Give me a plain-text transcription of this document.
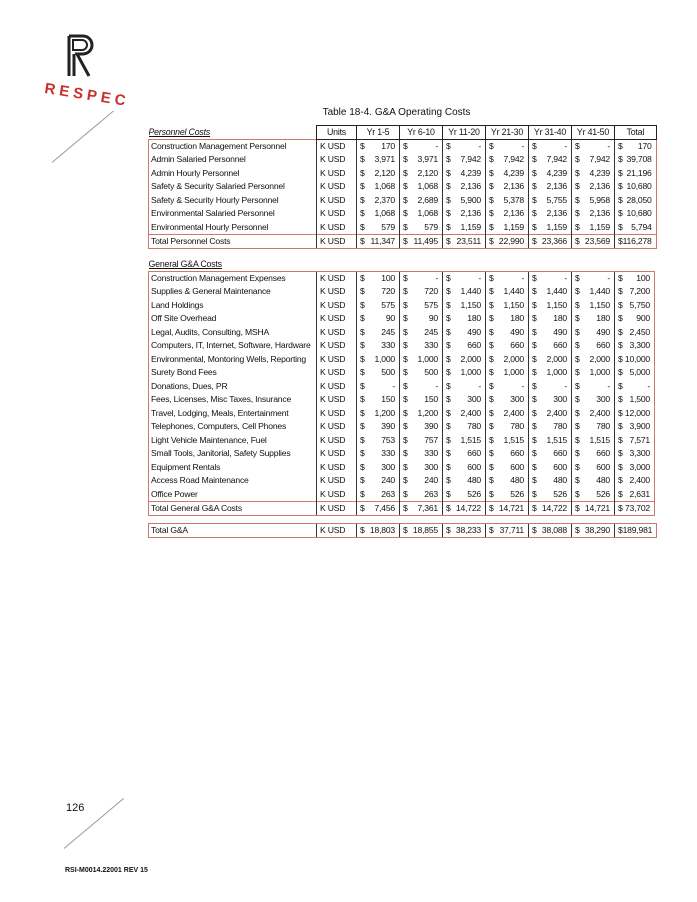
RESPEC
Table 18-4. G&A Operating Costs
Personnel Costs	Units	Yr 1-5	Yr 6-10	Yr 11-20	Yr 21-30	Yr 31-40	Yr 41-50	Total
Construction Management Personnel	K USD	$ 170	$ -	$ -	$ -	$ -	$ -	$ 170

Admin Salaried Personnel	K USD	$ 3,971	$ 3,971	$ 7,942	$ 7,942	$ 7,942	$ 7,942	$ 39,708

Admin Hourly Personnel	K USD	$ 2,120	$ 2,120	$ 4,239	$ 4,239	$ 4,239	$ 4,239	$ 21,196

Safety & Security Salaried Personnel	K USD	$ 1,068	$ 1,068	$ 2,136	$ 2,136	$ 2,136	$ 2,136	$ 10,680

Safety & Security Hourly Personnel	K USD	$ 2,370	$ 2,689	$ 5,900	$ 5,378	$ 5,755	$ 5,958	$ 28,050

Environmental Salaried Personnel	K USD	$ 1,068	$ 1,068	$ 2,136	$ 2,136	$ 2,136	$ 2,136	$ 10,680

Environmental Hourly Personnel	K USD	$ 579	$ 579	$ 1,159	$ 1,159	$ 1,159	$ 1,159	$ 5,794

Total Personnel Costs	K USD	$ 11,347	$ 11,495	$ 23,511	$ 22,990	$ 23,366	$ 23,569	$ 116,278
General G&A Costs								
Construction Management Expenses	K USD	$ 100	$ -	$ -	$ -	$ -	$ -	$ 100

Supplies & General Maintenance	K USD	$ 720	$ 720	$ 1,440	$ 1,440	$ 1,440	$ 1,440	$ 7,200

Land Holdings	K USD	$ 575	$ 575	$ 1,150	$ 1,150	$ 1,150	$ 1,150	$ 5,750

Off Site Overhead	K USD	$ 90	$ 90	$ 180	$ 180	$ 180	$ 180	$ 900

Legal, Audits, Consulting, MSHA	K USD	$ 245	$ 245	$ 490	$ 490	$ 490	$ 490	$ 2,450

Computers, IT, Internet, Software, Hardware	K USD	$ 330	$ 330	$ 660	$ 660	$ 660	$ 660	$ 3,300

Environmental, Montoring Wells, Reporting	K USD	$ 1,000	$ 1,000	$ 2,000	$ 2,000	$ 2,000	$ 2,000	$ 10,000

Surety Bond Fees	K USD	$ 500	$ 500	$ 1,000	$ 1,000	$ 1,000	$ 1,000	$ 5,000

Donations, Dues, PR	K USD	$ -	$ -	$ -	$ -	$ -	$ -	$ -

Fees, Licenses, Misc Taxes, Insurance	K USD	$ 150	$ 150	$ 300	$ 300	$ 300	$ 300	$ 1,500

Travel, Lodging, Meals, Entertainment	K USD	$ 1,200	$ 1,200	$ 2,400	$ 2,400	$ 2,400	$ 2,400	$ 12,000

Telephones, Computers, Cell Phones	K USD	$ 390	$ 390	$ 780	$ 780	$ 780	$ 780	$ 3,900

Light Vehicle Maintenance, Fuel	K USD	$ 753	$ 757	$ 1,515	$ 1,515	$ 1,515	$ 1,515	$ 7,571

Small Tools, Janitorial, Safety Supplies	K USD	$ 330	$ 330	$ 660	$ 660	$ 660	$ 660	$ 3,300

Equipment Rentals	K USD	$ 300	$ 300	$ 600	$ 600	$ 600	$ 600	$ 3,000

Access Road Maintenance	K USD	$ 240	$ 240	$ 480	$ 480	$ 480	$ 480	$ 2,400

Office Power	K USD	$ 263	$ 263	$ 526	$ 526	$ 526	$ 526	$ 2,631

Total General G&A Costs	K USD	$ 7,456	$ 7,361	$ 14,722	$ 14,721	$ 14,722	$ 14,721	$ 73,702
Total G&A	K USD	$ 18,803	$ 18,855	$ 38,233	$ 37,711	$ 38,088	$ 38,290	$ 189,981
126
RSI-M0014.22001 REV 15
